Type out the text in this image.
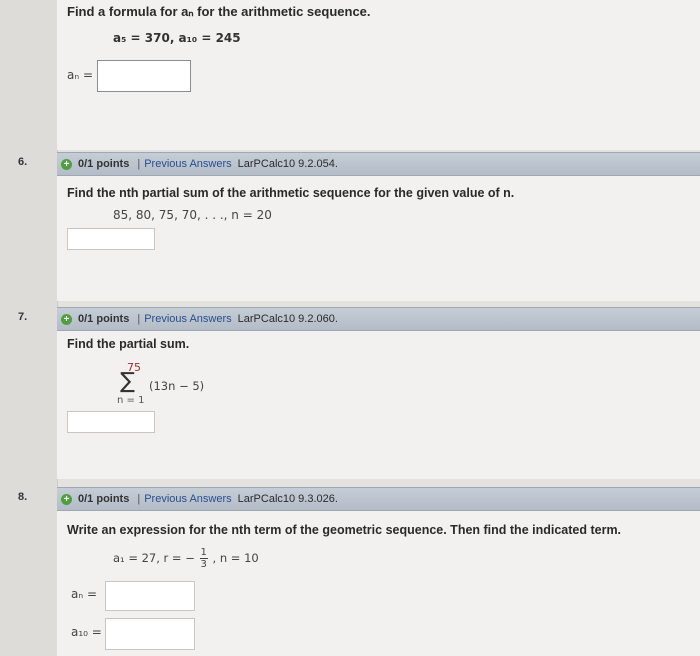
Find a formula for aₙ for the arithmetic sequence.
a₅ = 370, a₁₀ = 245
aₙ =
6.	+ 0/1 points | Previous Answers LarPCalc10 9.2.054.
Find the nth partial sum of the arithmetic sequence for the given value of n.
85, 80, 75, 70, . . ., n = 20
7.	+ 0/1 points | Previous Answers LarPCalc10 9.2.060.
Find the partial sum.
75
∑ (13n − 5)
n = 1
8.	+ 0/1 points | Previous Answers LarPCalc10 9.3.026.
Write an expression for the nth term of the geometric sequence. Then find the indicated term.
a₁ = 27, r = − $\frac{1}{3}$ , n = 10
aₙ =
a₁₀ =
